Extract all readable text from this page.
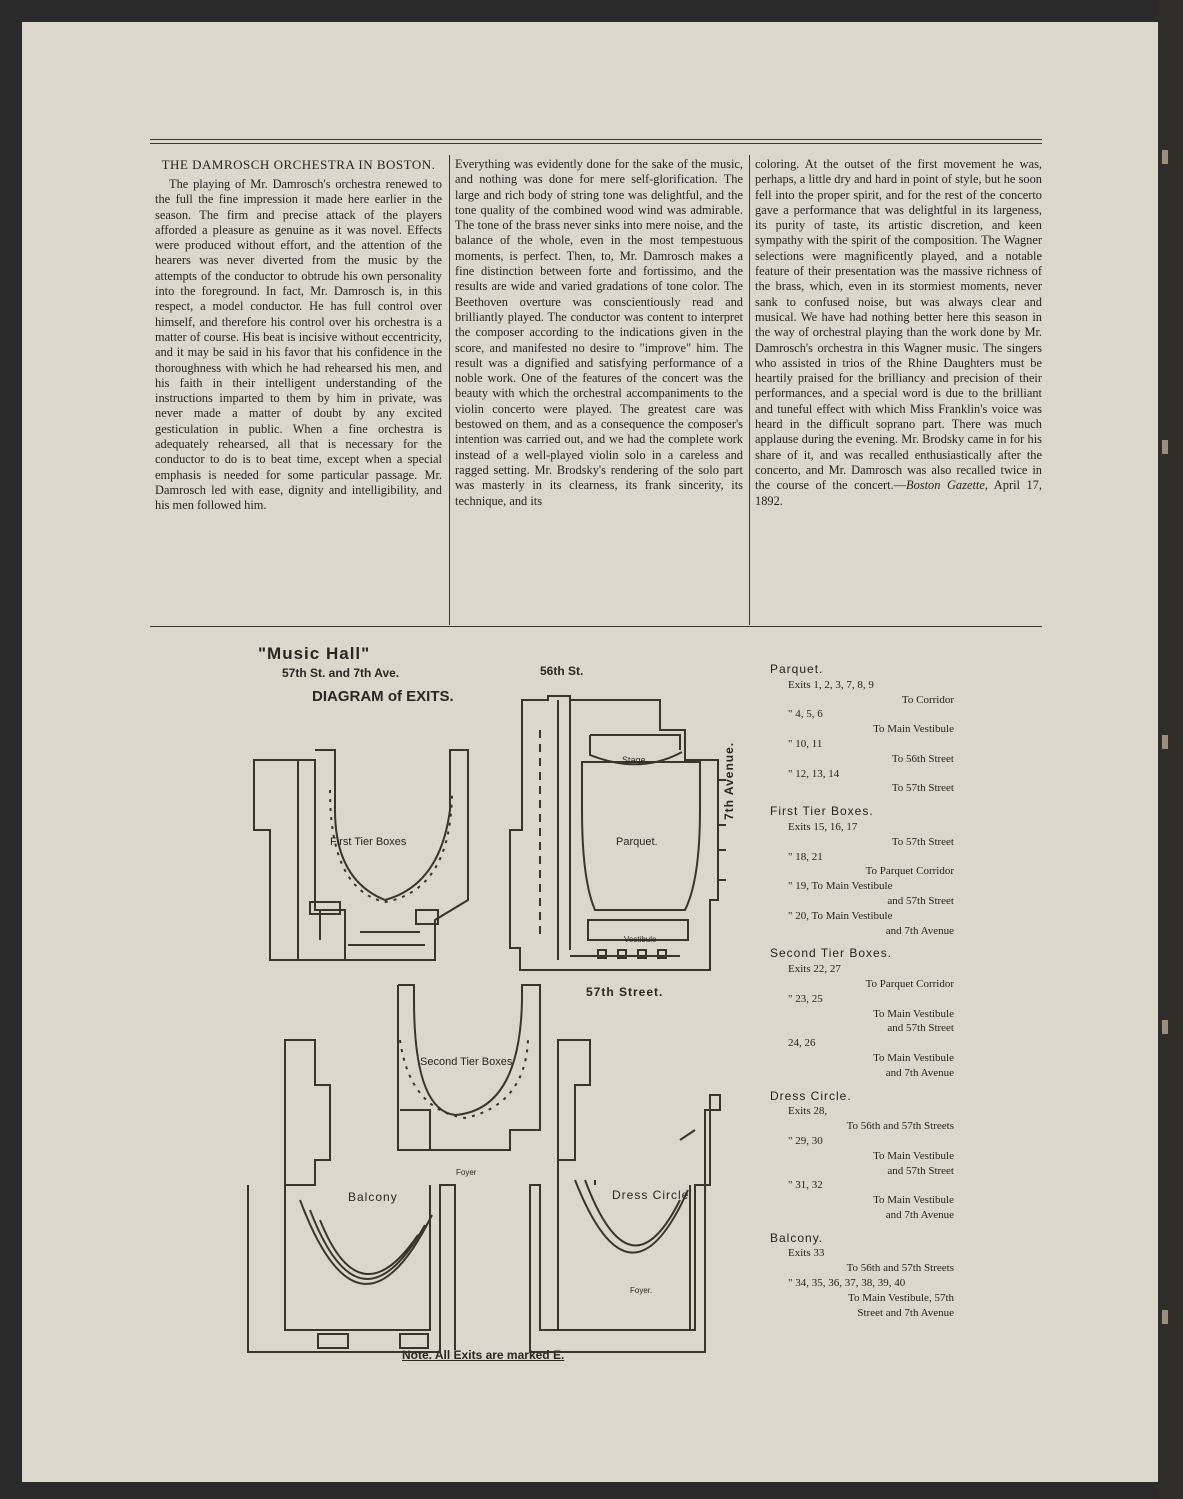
THE DAMROSCH ORCHESTRA IN BOSTON.

The playing of Mr. Damrosch's orchestra renewed to the full the fine impression it made here earlier in the season. The firm and precise attack of the players afforded a pleasure as genuine as it was novel. Effects were produced without effort, and the attention of the hearers was never diverted from the music by the attempts of the conductor to obtrude his own personality into the foreground. In fact, Mr. Damrosch is, in this respect, a model conductor. He has full control over himself, and therefore his control over his orchestra is a matter of course. His beat is incisive without eccentricity, and it may be said in his favor that his confidence in the thoroughness with which he had rehearsed his men, and his faith in their intelligent understanding of the instructions imparted to them by him in private, was never made a matter of doubt by any excited gesticulation in public. When a fine orchestra is adequately rehearsed, all that is necessary for the conductor to do is to beat time, except when a special emphasis is needed for some particular passage. Mr. Damrosch led with ease, dignity and intelligibility, and his men followed him.

Everything was evidently done for the sake of the music, and nothing was done for mere self-glorification. The large and rich body of string tone was delightful, and the tone quality of the combined wood wind was admirable. The tone of the brass never sinks into mere noise, and the balance of the whole, even in the most tempestuous moments, is perfect. Then, to, Mr. Damrosch makes a fine distinction between forte and fortissimo, and the results are wide and varied gradations of tone color. The Beethoven overture was conscientiously read and brilliantly played. The conductor was content to interpret the composer according to the indications given in the score, and manifested no desire to "improve" him. The result was a dignified and satisfying performance of a noble work. One of the features of the concert was the beauty with which the orchestral accompaniments to the violin concerto were played. The greatest care was bestowed on them, and as a consequence the composer's intention was carried out, and we had the complete work instead of a well-played violin solo in a careless and ragged setting. Mr. Brodsky's rendering of the solo part was masterly in its clearness, its frank sincerity, its technique, and its

coloring. At the outset of the first movement he was, perhaps, a little dry and hard in point of style, but he soon fell into the proper spirit, and for the rest of the concerto gave a performance that was delightful in its largeness, its purity of taste, its artistic discretion, and keen sympathy with the spirit of the composition. The Wagner selections were magnificently played, and a notable feature of their presentation was the massive richness of the brass, which, even in its stormiest moments, never sank to confused noise, but was always clear and musical. We have had nothing better here this season in the way of orchestral playing than the work done by Mr. Damrosch's orchestra in this Wagner music. The singers who assisted in trios of the Rhine Daughters must be heartily praised for the brilliancy and precision of their performances, and a special word is due to the brilliant and tuneful effect with which Miss Franklin's voice was heard in the difficult soprano part. There was much applause during the evening. Mr. Brodsky came in for his share of it, and was recalled enthusiastically after the concerto, and Mr. Damrosch was also recalled twice in the course of the concert.—Boston Gazette, April 17, 1892.

"Music Hall"
57th St. and 7th Ave.
DIAGRAM of EXITS.
56th St.
57th Street.
7th Avenue.
Note. All Exits are marked E.
First Tier Boxes	Parquet.
Stage.
Vestibule
Second Tier Boxes
Foyer
Balcony	Dress Circle
Foyer.
Parquet.
Exits 1, 2, 3, 7, 8, 9
To Corridor
" 4, 5, 6
To Main Vestibule
" 10, 11
To 56th Street
" 12, 13, 14
To 57th Street
First Tier Boxes.
Exits 15, 16, 17
To 57th Street
" 18, 21
To Parquet Corridor
" 19, To Main Vestibule
and 57th Street
" 20, To Main Vestibule
and 7th Avenue
Second Tier Boxes.
Exits 22, 27
To Parquet Corridor
" 23, 25
To Main Vestibule
and 57th Street
24, 26
To Main Vestibule
and 7th Avenue
Dress Circle.
Exits 28,
To 56th and 57th Streets
" 29, 30
To Main Vestibule
and 57th Street
" 31, 32
To Main Vestibule
and 7th Avenue
Balcony.
Exits 33
To 56th and 57th Streets
" 34, 35, 36, 37, 38, 39, 40
To Main Vestibule, 57th
Street and 7th Avenue
